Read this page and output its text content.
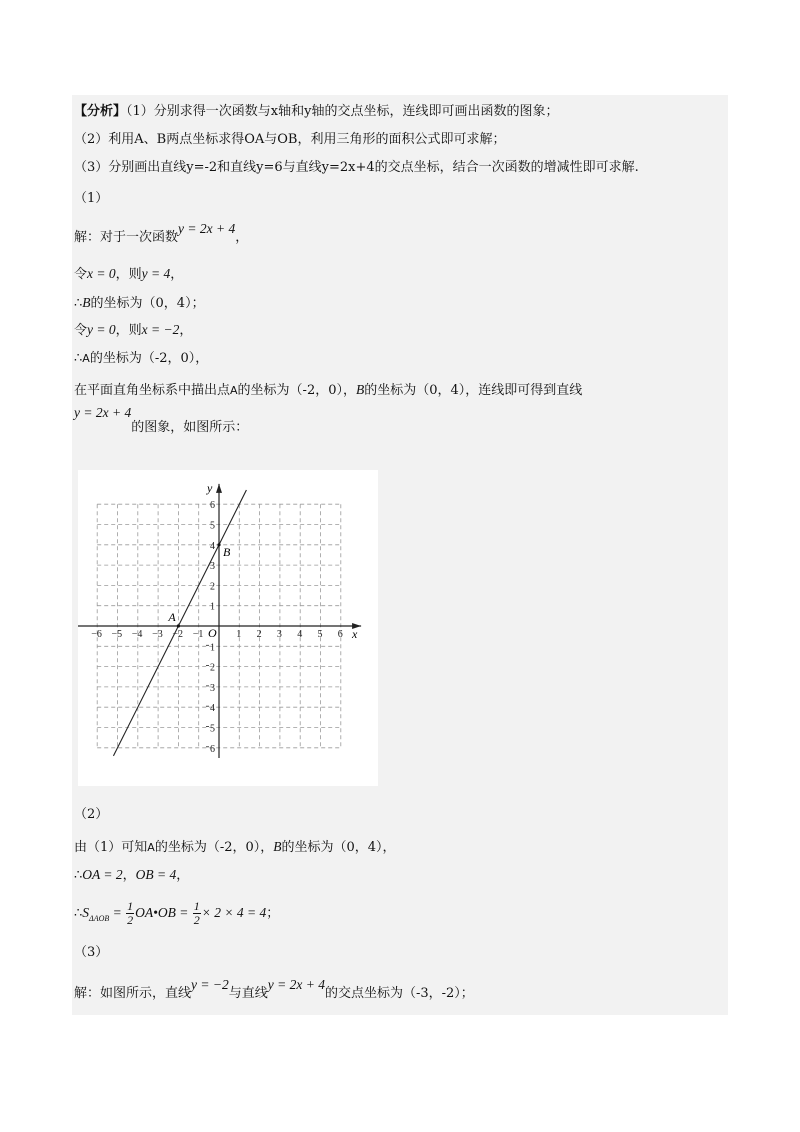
【分析】（1）分别求得一次函数与x轴和y轴的交点坐标，连线即可画出函数的图象；
（2）利用A、B两点坐标求得OA与OB，利用三角形的面积公式即可求解；
（3）分别画出直线y=-2和直线y=6与直线y=2x+4的交点坐标，结合一次函数的增减性即可求解.
（1）
解：对于一次函数y = 2x + 4，
令x = 0，则y = 4，
∴B的坐标为（0，4）；
令y = 0，则x = −2，
∴A的坐标为（-2，0），
在平面直角坐标系中描出点A的坐标为（-2，0），B的坐标为（0，4），连线即可得到直线
y = 2x + 4的图象，如图所示：
−6 −5 −4 −3 −2 −1	1 2 3 4 5 6
1
2
3
4
5
6
1
2
3
4
5
6
A
B
O	x
y
（2）
由（1）可知A的坐标为（-2，0），B的坐标为（0，4），
∴OA = 2，OB = 4，
$\therefore S_{\Delta AOB} = \frac{1}{2}$ OA•OB = $\frac{1}{2} \times 2 \times 4 = 4$；
（3）
解：如图所示，直线y = −2与直线y = 2x + 4的交点坐标为（-3，-2）；
